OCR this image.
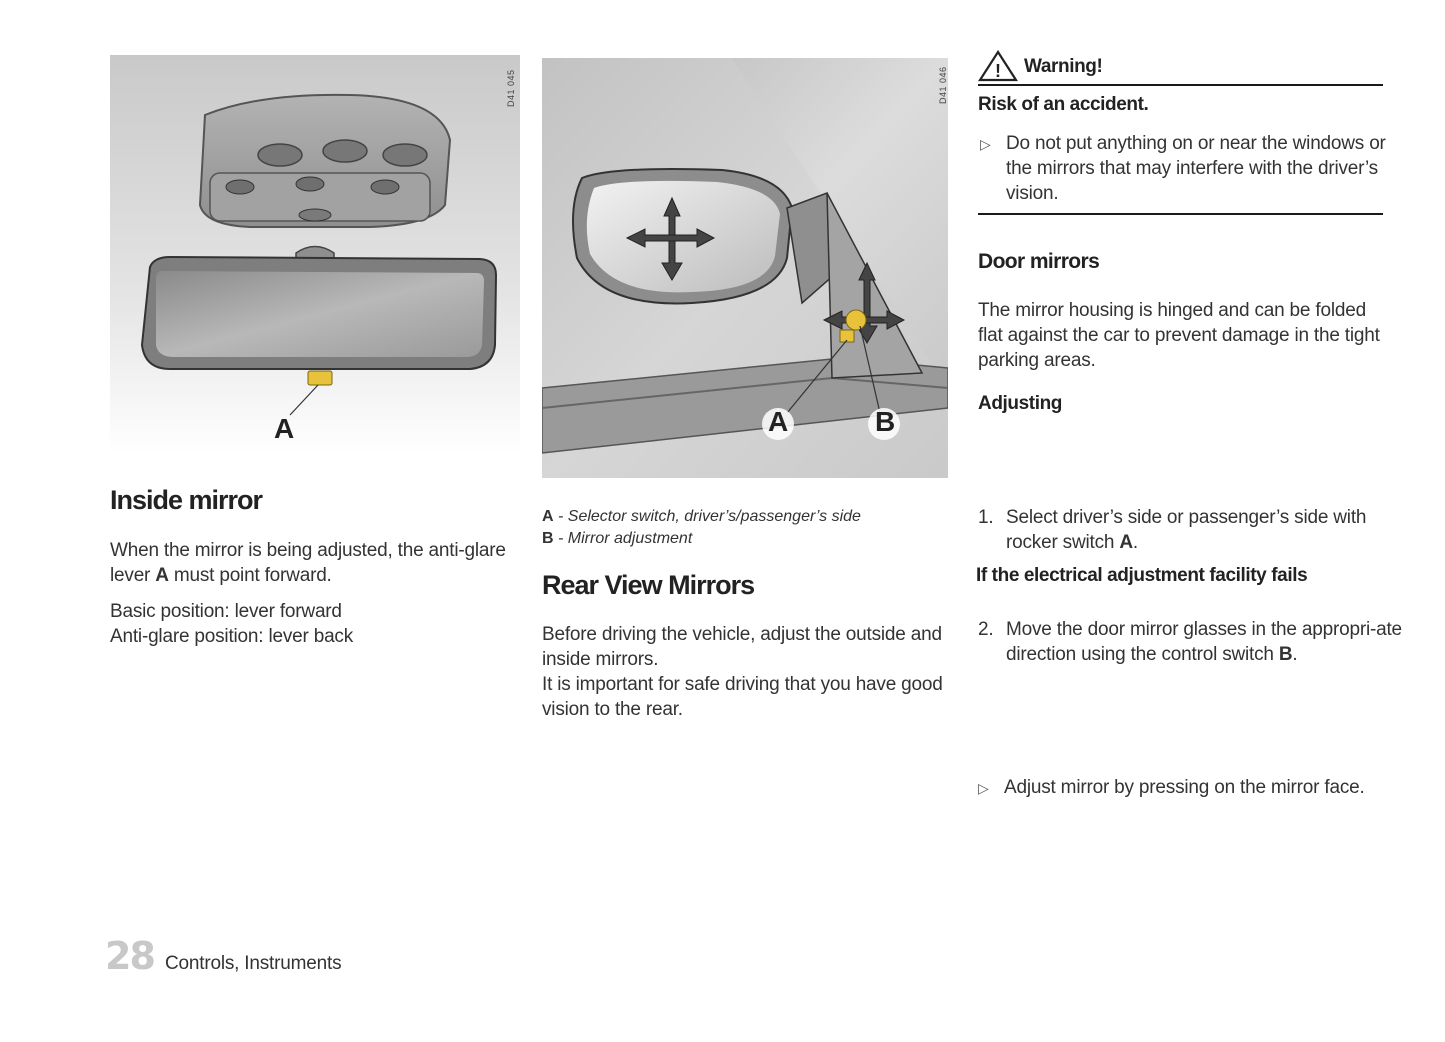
D41 045
A	A	B
D41 046
Inside mirror
When the mirror is being adjusted, the anti-glare lever A must point forward.
Basic position: lever forward
Anti-glare position: lever back
A - Selector switch, driver’s/passenger’s side
B - Mirror adjustment
Rear View Mirrors
Before driving the vehicle, adjust the outside and inside mirrors.
It is important for safe driving that you have good vision to the rear.
! Warning!
Risk of an accident.
▷ Do not put anything on or near the windows or the mirrors that may interfere with the driver’s vision.
Door mirrors
The mirror housing is hinged and can be folded flat against the car to prevent damage in the tight parking areas.
Adjusting
1. Select driver’s side or passenger’s side with rocker switch A.
2. Move the door mirror glasses in the appropri-ate direction using the control switch B.
If the electrical adjustment facility fails
▷ Adjust mirror by pressing on the mirror face.
28 Controls, Instruments
